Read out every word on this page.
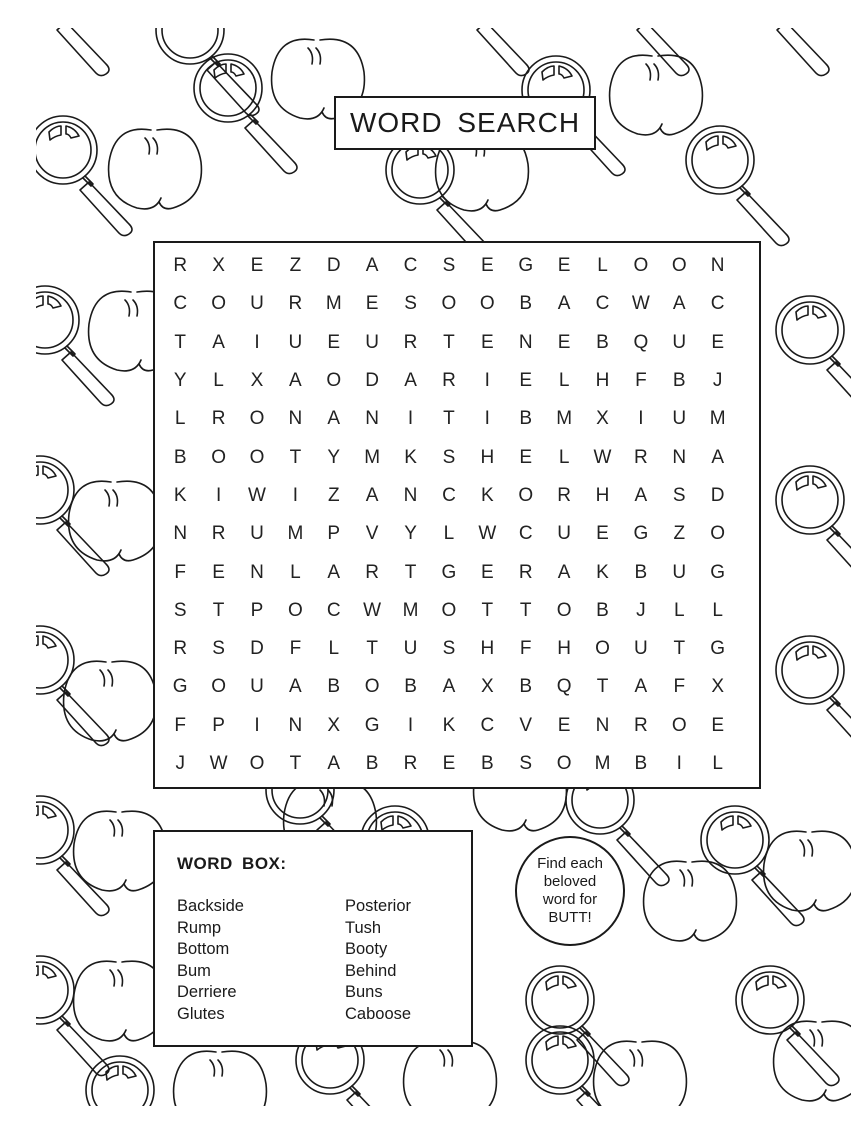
WORD SEARCH
R	X	E	Z	D	A	C	S	E	G	E	L	O	O	N
C	O	U	R	M	E	S	O	O	B	A	C	W	A	C
T	A	I	U	E	U	R	T	E	N	E	B	Q	U	E
Y	L	X	A	O	D	A	R	I	E	L	H	F	B	J
L	R	O	N	A	N	I	T	I	B	M	X	I	U	M
B	O	O	T	Y	M	K	S	H	E	L	W	R	N	A
K	I	W	I	Z	A	N	C	K	O	R	H	A	S	D
N	R	U	M	P	V	Y	L	W	C	U	E	G	Z	O
F	E	N	L	A	R	T	G	E	R	A	K	B	U	G
S	T	P	O	C	W	M	O	T	T	O	B	J	L	L
R	S	D	F	L	T	U	S	H	F	H	O	U	T	G
G	O	U	A	B	O	B	A	X	B	Q	T	A	F	X
F	P	I	N	X	G	I	K	C	V	E	N	R	O	E
J	W	O	T	A	B	R	E	B	S	O	M	B	I	L
WORD BOX:
Backside
Rump
Bottom
Bum
Derriere
Glutes
Posterior
Tush
Booty
Behind
Buns
Caboose
Find each
beloved
word for
BUTT!
